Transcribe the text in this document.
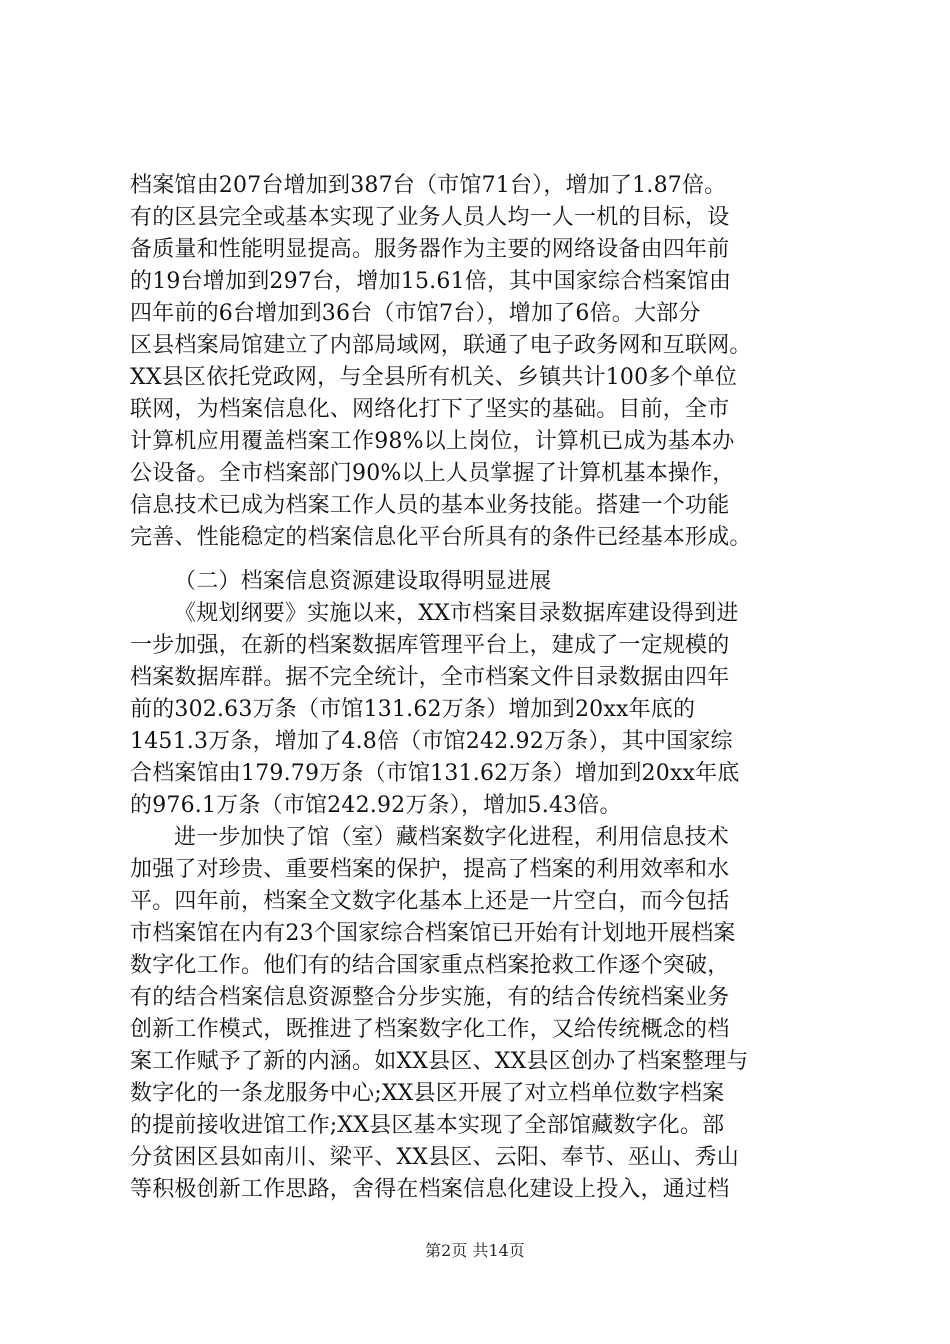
档案馆由207台增加到387台（市馆71台），增加了1.87倍。
有的区县完全或基本实现了业务人员人均一人一机的目标，设
备质量和性能明显提高。服务器作为主要的网络设备由四年前
的19台增加到297台，增加15.61倍，其中国家综合档案馆由
四年前的6台增加到36台（市馆7台），增加了6倍。大部分
区县档案局馆建立了内部局域网，联通了电子政务网和互联网。
XX县区依托党政网，与全县所有机关、乡镇共计100多个单位
联网，为档案信息化、网络化打下了坚实的基础。目前，全市
计算机应用覆盖档案工作98%以上岗位，计算机已成为基本办
公设备。全市档案部门90%以上人员掌握了计算机基本操作，
信息技术已成为档案工作人员的基本业务技能。搭建一个功能
完善、性能稳定的档案信息化平台所具有的条件已经基本形成。
（二）档案信息资源建设取得明显进展
《规划纲要》实施以来，XX市档案目录数据库建设得到进
一步加强，在新的档案数据库管理平台上，建成了一定规模的
档案数据库群。据不完全统计，全市档案文件目录数据由四年
前的302.63万条（市馆131.62万条）增加到20xx年底的
1451.3万条，增加了4.8倍（市馆242.92万条），其中国家综
合档案馆由179.79万条（市馆131.62万条）增加到20xx年底
的976.1万条（市馆242.92万条），增加5.43倍。
进一步加快了馆（室）藏档案数字化进程，利用信息技术
加强了对珍贵、重要档案的保护，提高了档案的利用效率和水
平。四年前，档案全文数字化基本上还是一片空白，而今包括
市档案馆在内有23个国家综合档案馆已开始有计划地开展档案
数字化工作。他们有的结合国家重点档案抢救工作逐个突破，
有的结合档案信息资源整合分步实施，有的结合传统档案业务
创新工作模式，既推进了档案数字化工作，又给传统概念的档
案工作赋予了新的内涵。如XX县区、XX县区创办了档案整理与
数字化的一条龙服务中心;XX县区开展了对立档单位数字档案
的提前接收进馆工作;XX县区基本实现了全部馆藏数字化。部
分贫困区县如南川、梁平、XX县区、云阳、奉节、巫山、秀山
等积极创新工作思路，舍得在档案信息化建设上投入，通过档
第2页 共14页
